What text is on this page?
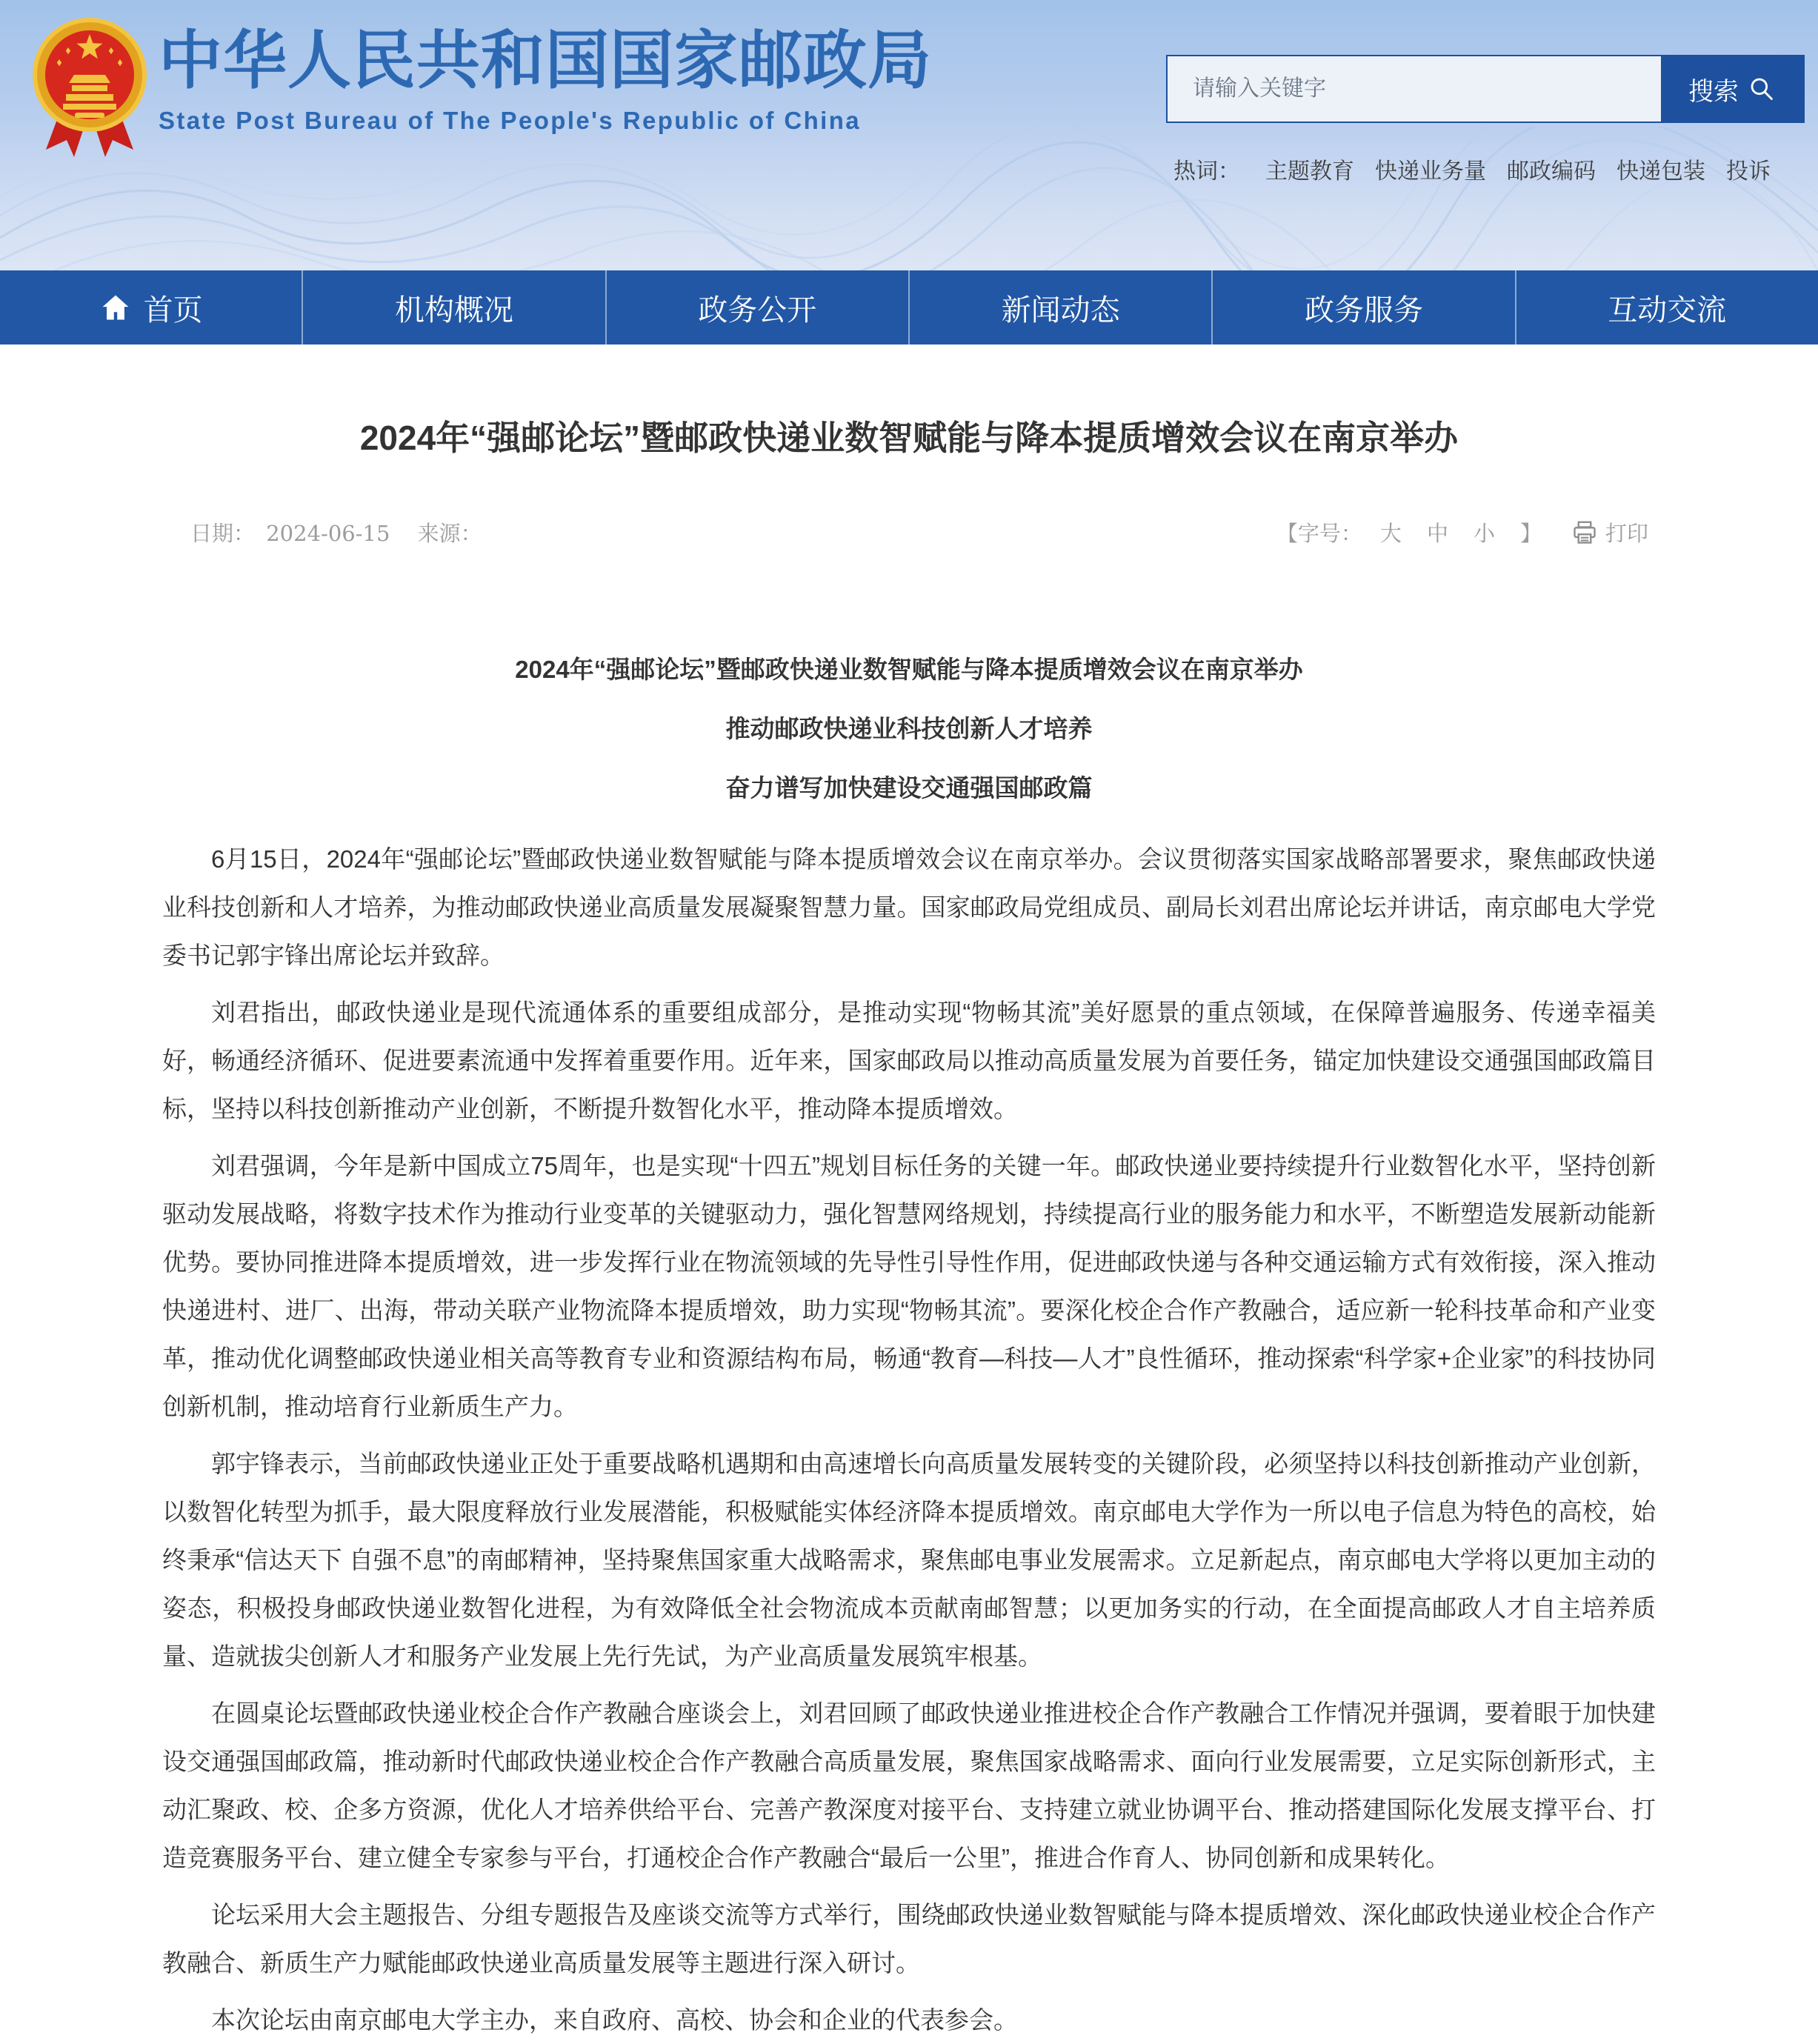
中华人民共和国国家邮政局
State Post Bureau of The People's Republic of China
请输入关键字
搜索
热词： 主题教育 快递业务量 邮政编码 快递包装 投诉
首页	机构概况	政务公开	新闻动态	政务服务	互动交流
2024年“强邮论坛”暨邮政快递业数智赋能与降本提质增效会议在南京举办
日期： 2024-06-15 来源：	【字号： 大 中 小 】	打印
2024年“强邮论坛”暨邮政快递业数智赋能与降本提质增效会议在南京举办
推动邮政快递业科技创新人才培养
奋力谱写加快建设交通强国邮政篇

6月15日，2024年“强邮论坛”暨邮政快递业数智赋能与降本提质增效会议在南京举办。会议贯彻落实国家战略部署要求，聚焦邮政快递业科技创新和人才培养，为推动邮政快递业高质量发展凝聚智慧力量。国家邮政局党组成员、副局长刘君出席论坛并讲话，南京邮电大学党委书记郭宇锋出席论坛并致辞。

刘君指出，邮政快递业是现代流通体系的重要组成部分，是推动实现“物畅其流”美好愿景的重点领域，在保障普遍服务、传递幸福美好，畅通经济循环、促进要素流通中发挥着重要作用。近年来，国家邮政局以推动高质量发展为首要任务，锚定加快建设交通强国邮政篇目标，坚持以科技创新推动产业创新，不断提升数智化水平，推动降本提质增效。

刘君强调，今年是新中国成立75周年，也是实现“十四五”规划目标任务的关键一年。邮政快递业要持续提升行业数智化水平，坚持创新驱动发展战略，将数字技术作为推动行业变革的关键驱动力，强化智慧网络规划，持续提高行业的服务能力和水平，不断塑造发展新动能新优势。要协同推进降本提质增效，进一步发挥行业在物流领域的先导性引导性作用，促进邮政快递与各种交通运输方式有效衔接，深入推动快递进村、进厂、出海，带动关联产业物流降本提质增效，助力实现“物畅其流”。要深化校企合作产教融合，适应新一轮科技革命和产业变革，推动优化调整邮政快递业相关高等教育专业和资源结构布局，畅通“教育—科技—人才”良性循环，推动探索“科学家+企业家”的科技协同创新机制，推动培育行业新质生产力。

郭宇锋表示，当前邮政快递业正处于重要战略机遇期和由高速增长向高质量发展转变的关键阶段，必须坚持以科技创新推动产业创新，以数智化转型为抓手，最大限度释放行业发展潜能，积极赋能实体经济降本提质增效。南京邮电大学作为一所以电子信息为特色的高校，始终秉承“信达天下 自强不息”的南邮精神，坚持聚焦国家重大战略需求，聚焦邮电事业发展需求。立足新起点，南京邮电大学将以更加主动的姿态，积极投身邮政快递业数智化进程，为有效降低全社会物流成本贡献南邮智慧；以更加务实的行动，在全面提高邮政人才自主培养质量、造就拔尖创新人才和服务产业发展上先行先试，为产业高质量发展筑牢根基。

在圆桌论坛暨邮政快递业校企合作产教融合座谈会上，刘君回顾了邮政快递业推进校企合作产教融合工作情况并强调，要着眼于加快建设交通强国邮政篇，推动新时代邮政快递业校企合作产教融合高质量发展，聚焦国家战略需求、面向行业发展需要，立足实际创新形式，主动汇聚政、校、企多方资源，优化人才培养供给平台、完善产教深度对接平台、支持建立就业协调平台、推动搭建国际化发展支撑平台、打造竞赛服务平台、建立健全专家参与平台，打通校企合作产教融合“最后一公里”，推进合作育人、协同创新和成果转化。

论坛采用大会主题报告、分组专题报告及座谈交流等方式举行，围绕邮政快递业数智赋能与降本提质增效、深化邮政快递业校企合作产教融合、新质生产力赋能邮政快递业高质量发展等主题进行深入研讨。

本次论坛由南京邮电大学主办，来自政府、高校、协会和企业的代表参会。
